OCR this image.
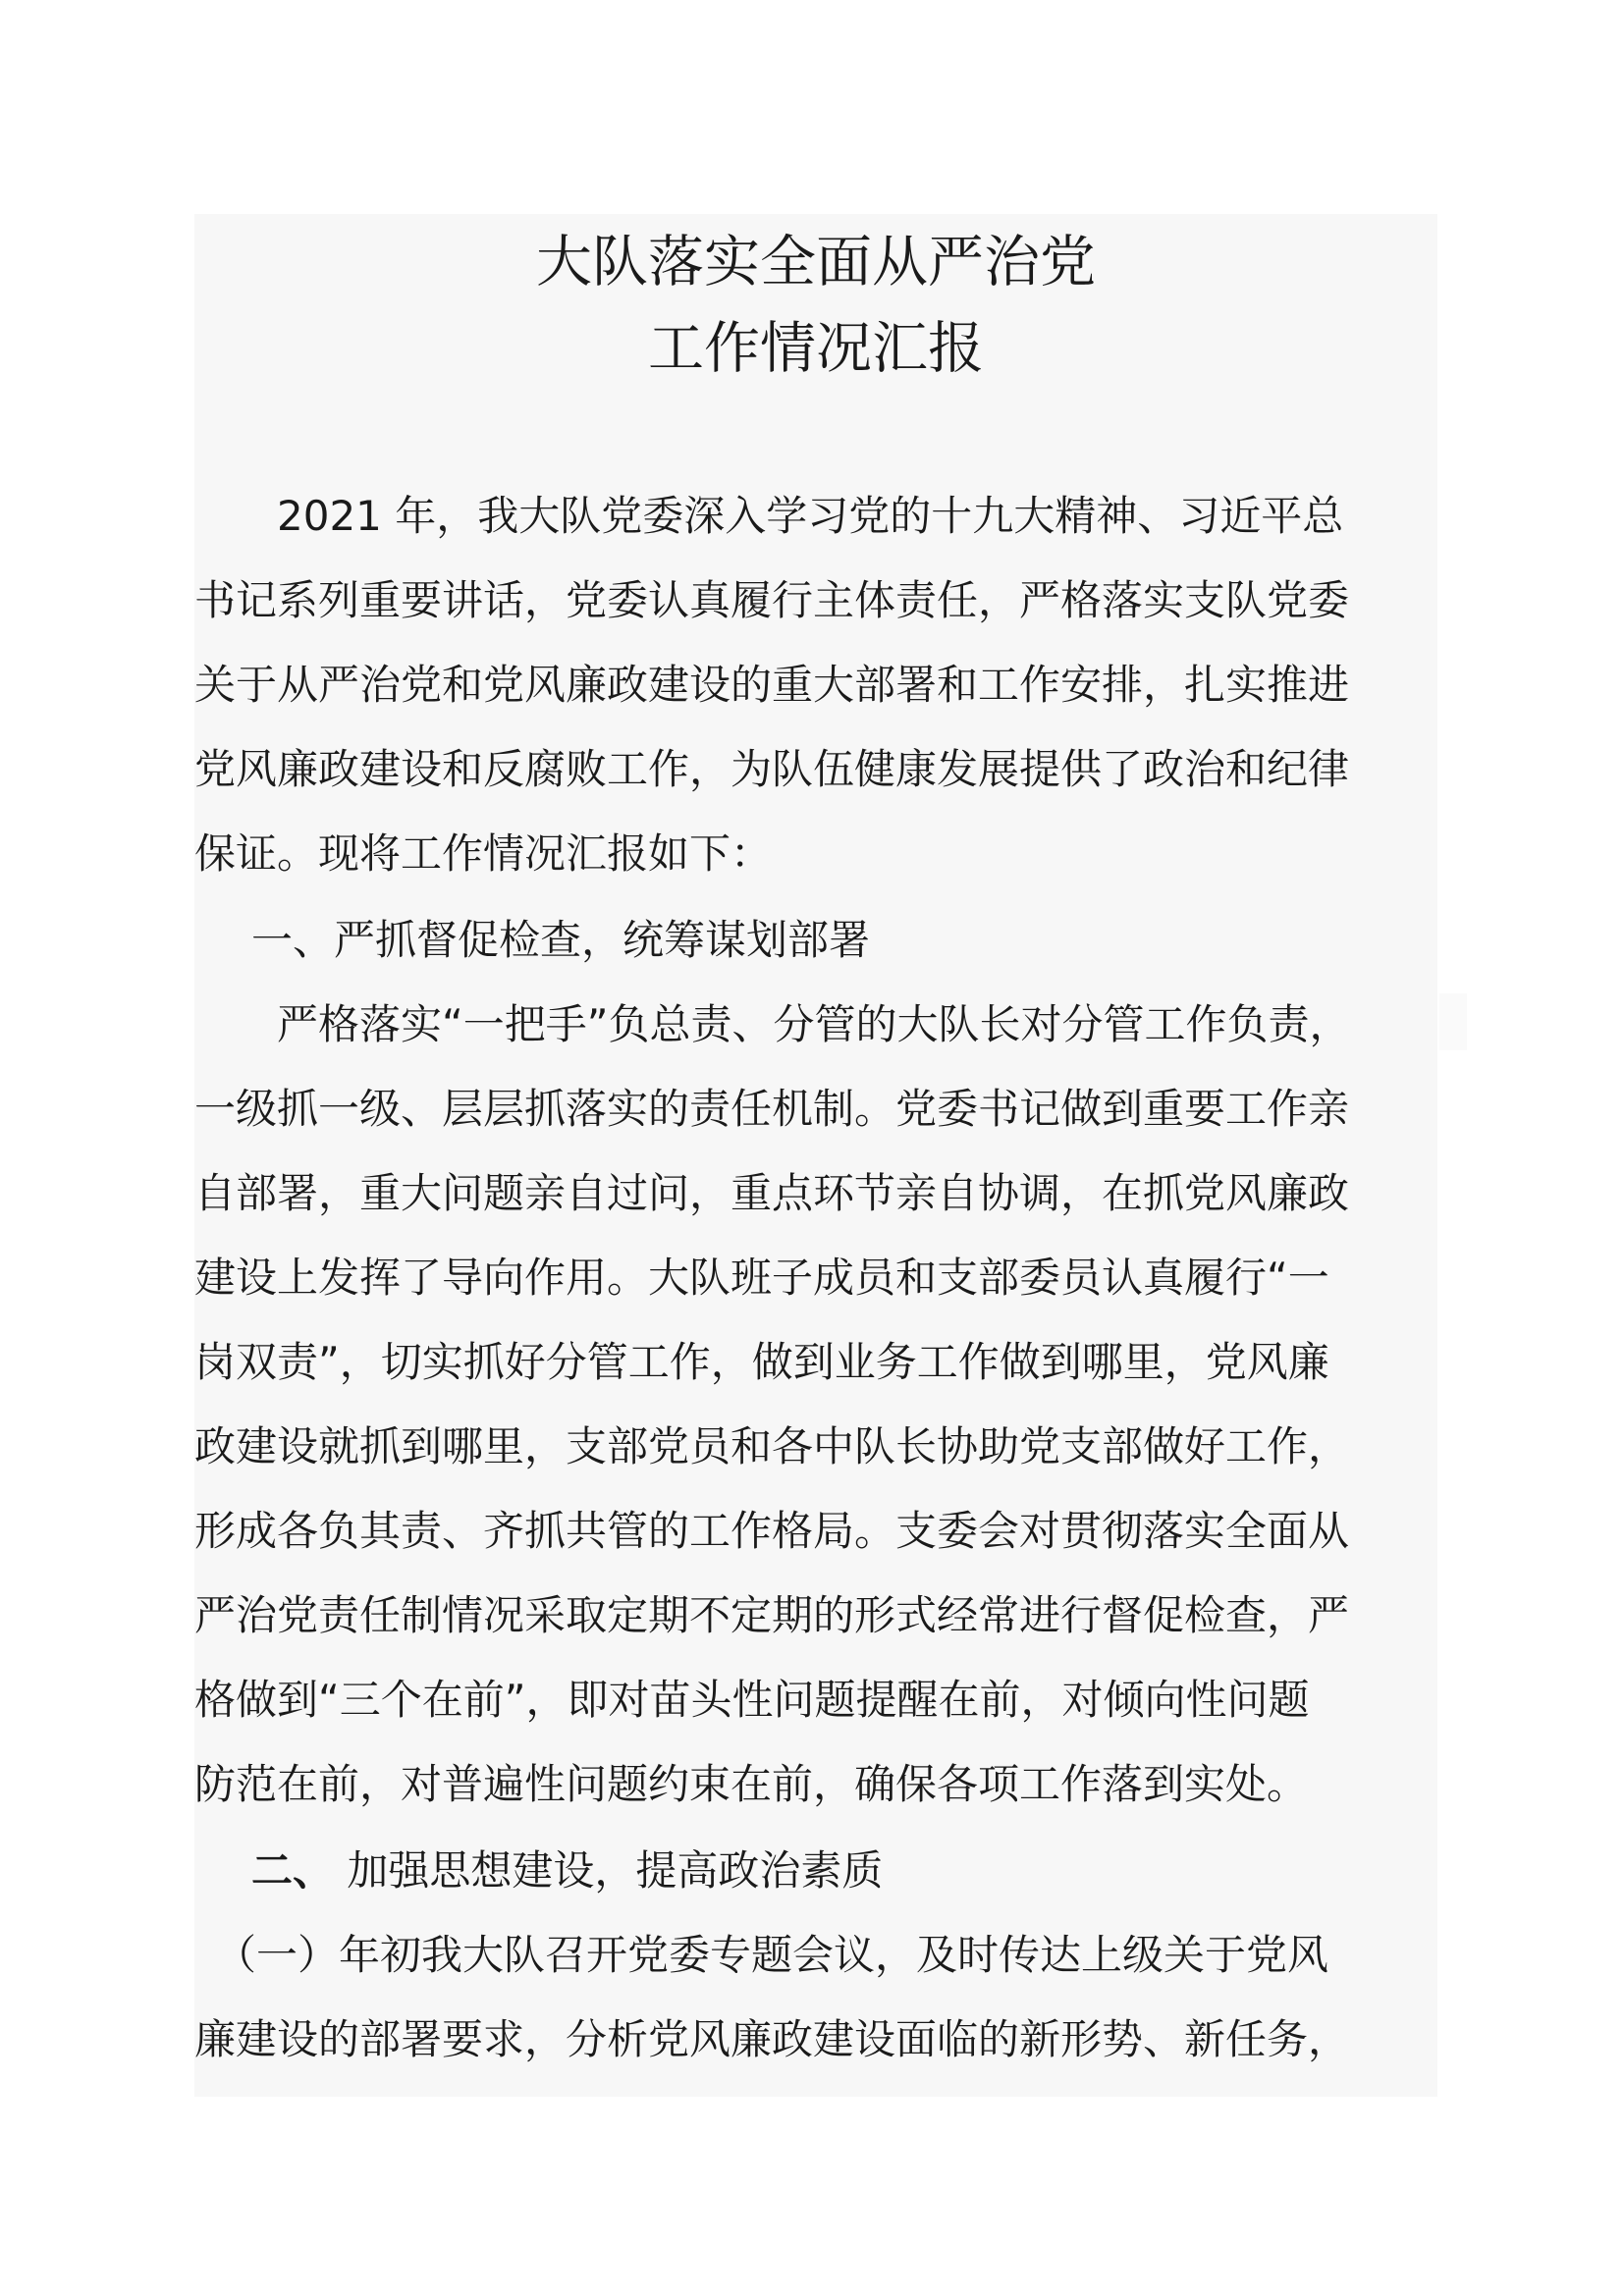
大队落实全面从严治党
工作情况汇报
　　2021 年，我大队党委深入学习党的十九大精神、习近平总
书记系列重要讲话，党委认真履行主体责任，严格落实支队党委
关于从严治党和党风廉政建设的重大部署和工作安排，扎实推进
党风廉政建设和反腐败工作，为队伍健康发展提供了政治和纪律
保证。现将工作情况汇报如下：
一、严抓督促检查，统筹谋划部署
　　严格落实“一把手”负总责、分管的大队长对分管工作负责，
一级抓一级、层层抓落实的责任机制。党委书记做到重要工作亲
自部署，重大问题亲自过问，重点环节亲自协调，在抓党风廉政
建设上发挥了导向作用。大队班子成员和支部委员认真履行“一
岗双责”，切实抓好分管工作，做到业务工作做到哪里，党风廉
政建设就抓到哪里，支部党员和各中队长协助党支部做好工作，
形成各负其责、齐抓共管的工作格局。支委会对贯彻落实全面从
严治党责任制情况采取定期不定期的形式经常进行督促检查，严
格做到“三个在前”，即对苗头性问题提醒在前，对倾向性问题
防范在前，对普遍性问题约束在前，确保各项工作落到实处。
二、 加强思想建设，提高政治素质
　（一）年初我大队召开党委专题会议，及时传达上级关于党风
廉建设的部署要求，分析党风廉政建设面临的新形势、新任务，
